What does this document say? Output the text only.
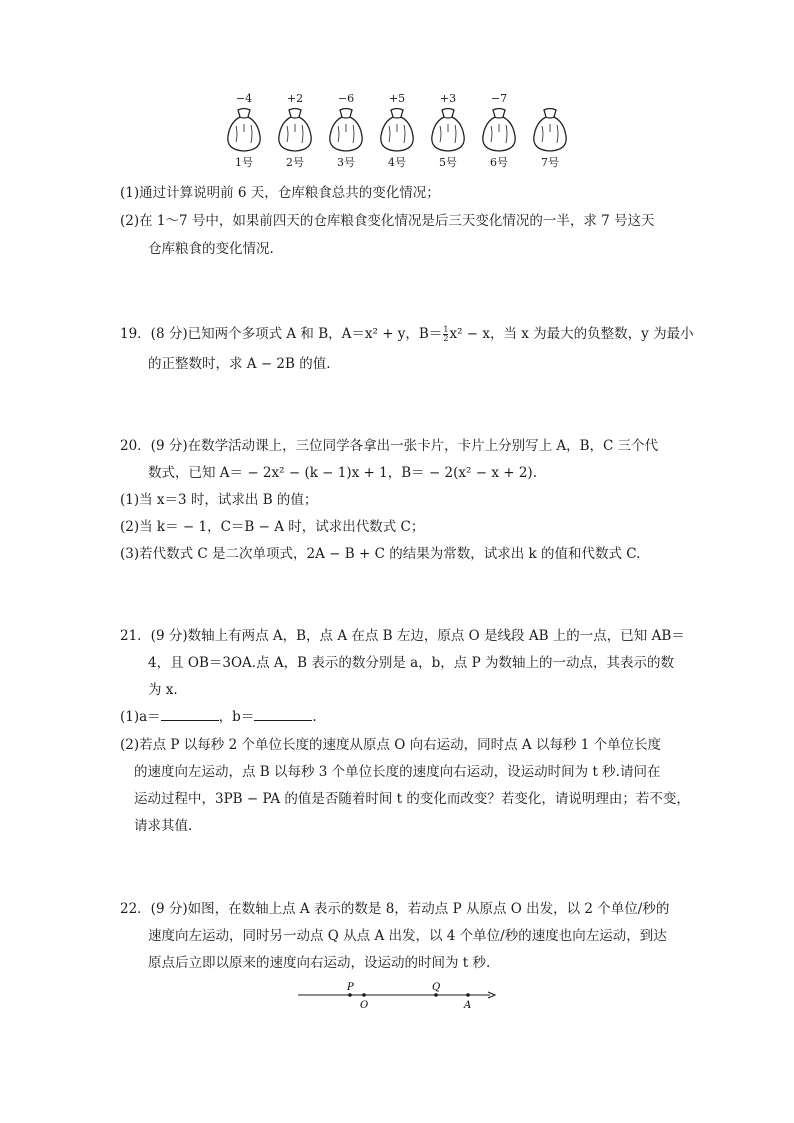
−4
1号
+2
2号
−6
3号
+5
4号
+3
5号
−7
6号	7号
(1)通过计算说明前 6 天，仓库粮食总共的变化情况；
(2)在 1～7 号中，如果前四天的仓库粮食变化情况是后三天变化情况的一半，求 7 号这天
仓库粮食的变化情况.
19．(8 分)已知两个多项式 A 和 B，A＝x² + y，$B= \frac{1}{2} x^2 - x$，当 x 为最大的负整数，y 为最小
的正整数时，求 A − 2B 的值.
20．(9 分)在数学活动课上，三位同学各拿出一张卡片，卡片上分别写上 A，B，C 三个代
数式，已知 A＝ − 2x² − (k − 1)x + 1，B＝ − 2(x² − x + 2).
(1)当 x＝3 时，试求出 B 的值；
(2)当 k＝ − 1，C＝B − A 时，试求出代数式 C；
(3)若代数式 C 是二次单项式，2A − B + C 的结果为常数，试求出 k 的值和代数式 C.
21．(9 分)数轴上有两点 A，B，点 A 在点 B 左边，原点 O 是线段 AB 上的一点，已知 AB＝
4，且 OB＝3OA.点 A，B 表示的数分别是 a，b，点 P 为数轴上的一动点，其表示的数
为 x.
(1)a＝	，b＝	.
(2)若点 P 以每秒 2 个单位长度的速度从原点 O 向右运动，同时点 A 以每秒 1 个单位长度
的速度向左运动，点 B 以每秒 3 个单位长度的速度向右运动，设运动时间为 t 秒.请问在
运动过程中，3PB − PA 的值是否随着时间 t 的变化而改变？若变化，请说明理由；若不变，
请求其值.
22．(9 分)如图，在数轴上点 A 表示的数是 8，若动点 P 从原点 O 出发，以 2 个单位/秒的
速度向左运动，同时另一动点 Q 从点 A 出发，以 4 个单位/秒的速度也向左运动，到达
原点后立即以原来的速度向右运动，设运动的时间为 t 秒.
P
O
Q
A
